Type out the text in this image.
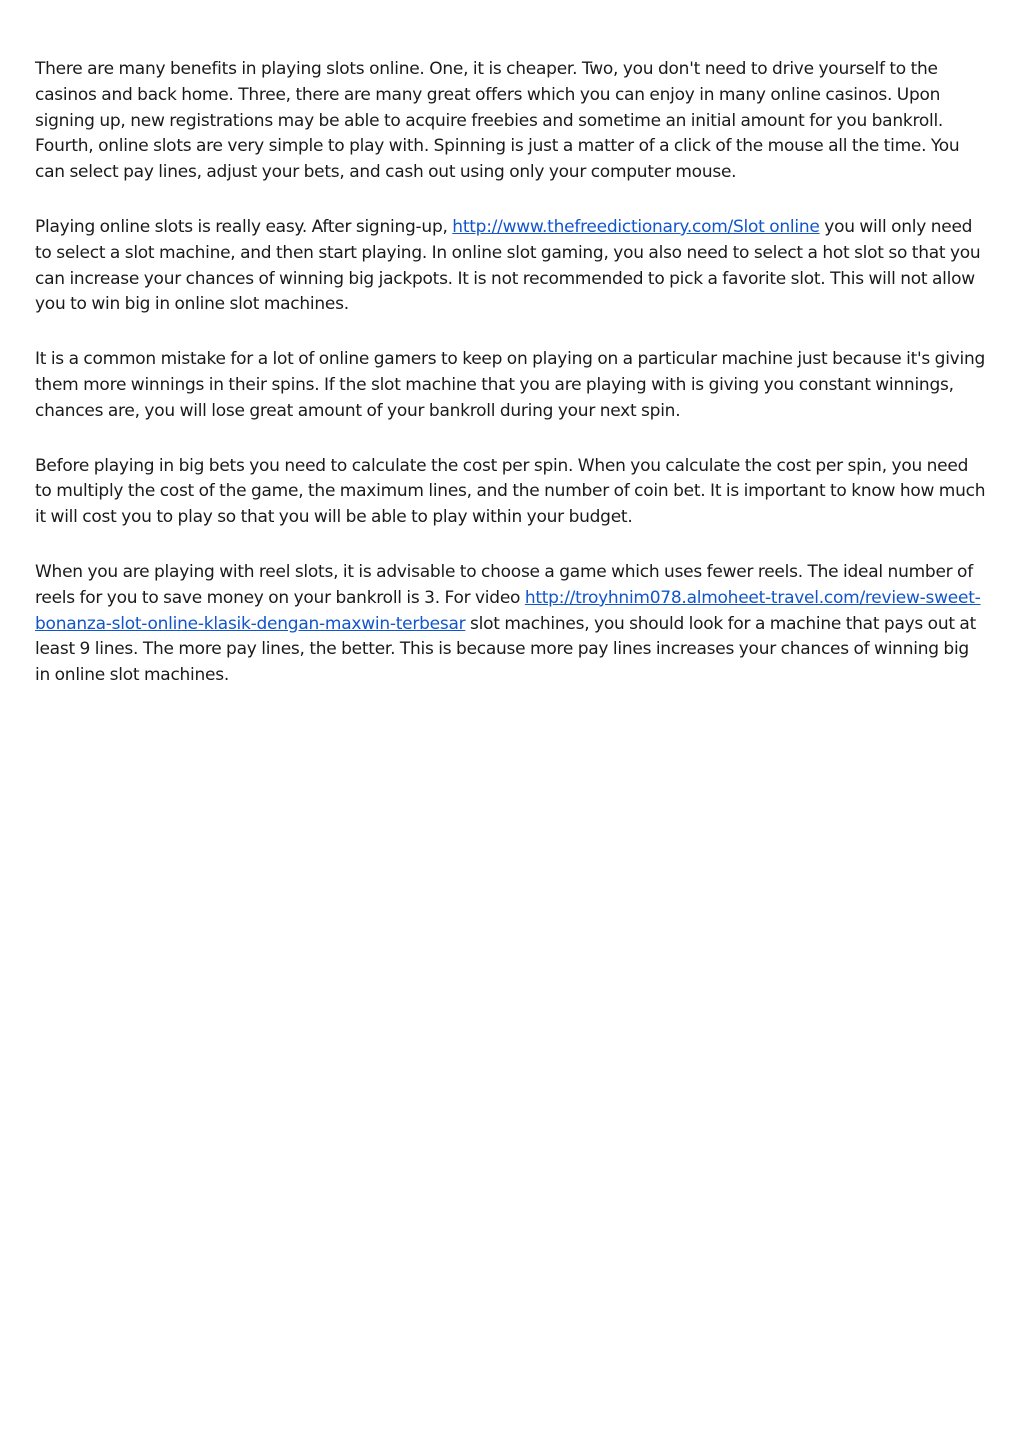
There are many benefits in playing slots online. One, it is cheaper. Two, you don't need to drive yourself to the casinos and back home. Three, there are many great offers which you can enjoy in many online casinos. Upon signing up, new registrations may be able to acquire freebies and sometime an initial amount for you bankroll. Fourth, online slots are very simple to play with. Spinning is just a matter of a click of the mouse all the time. You can select pay lines, adjust your bets, and cash out using only your computer mouse.

Playing online slots is really easy. After signing-up, http://www.thefreedictionary.com/Slot online you will only need to select a slot machine, and then start playing. In online slot gaming, you also need to select a hot slot so that you can increase your chances of winning big jackpots. It is not recommended to pick a favorite slot. This will not allow you to win big in online slot machines.

It is a common mistake for a lot of online gamers to keep on playing on a particular machine just because it's giving them more winnings in their spins. If the slot machine that you are playing with is giving you constant winnings, chances are, you will lose great amount of your bankroll during your next spin.

Before playing in big bets you need to calculate the cost per spin. When you calculate the cost per spin, you need to multiply the cost of the game, the maximum lines, and the number of coin bet. It is important to know how much it will cost you to play so that you will be able to play within your budget.

When you are playing with reel slots, it is advisable to choose a game which uses fewer reels. The ideal number of reels for you to save money on your bankroll is 3. For video http://troyhnim078.almoheet-travel.com/review-sweet-bonanza-slot-online-klasik-dengan-maxwin-terbesar slot machines, you should look for a machine that pays out at least 9 lines. The more pay lines, the better. This is because more pay lines increases your chances of winning big in online slot machines.
